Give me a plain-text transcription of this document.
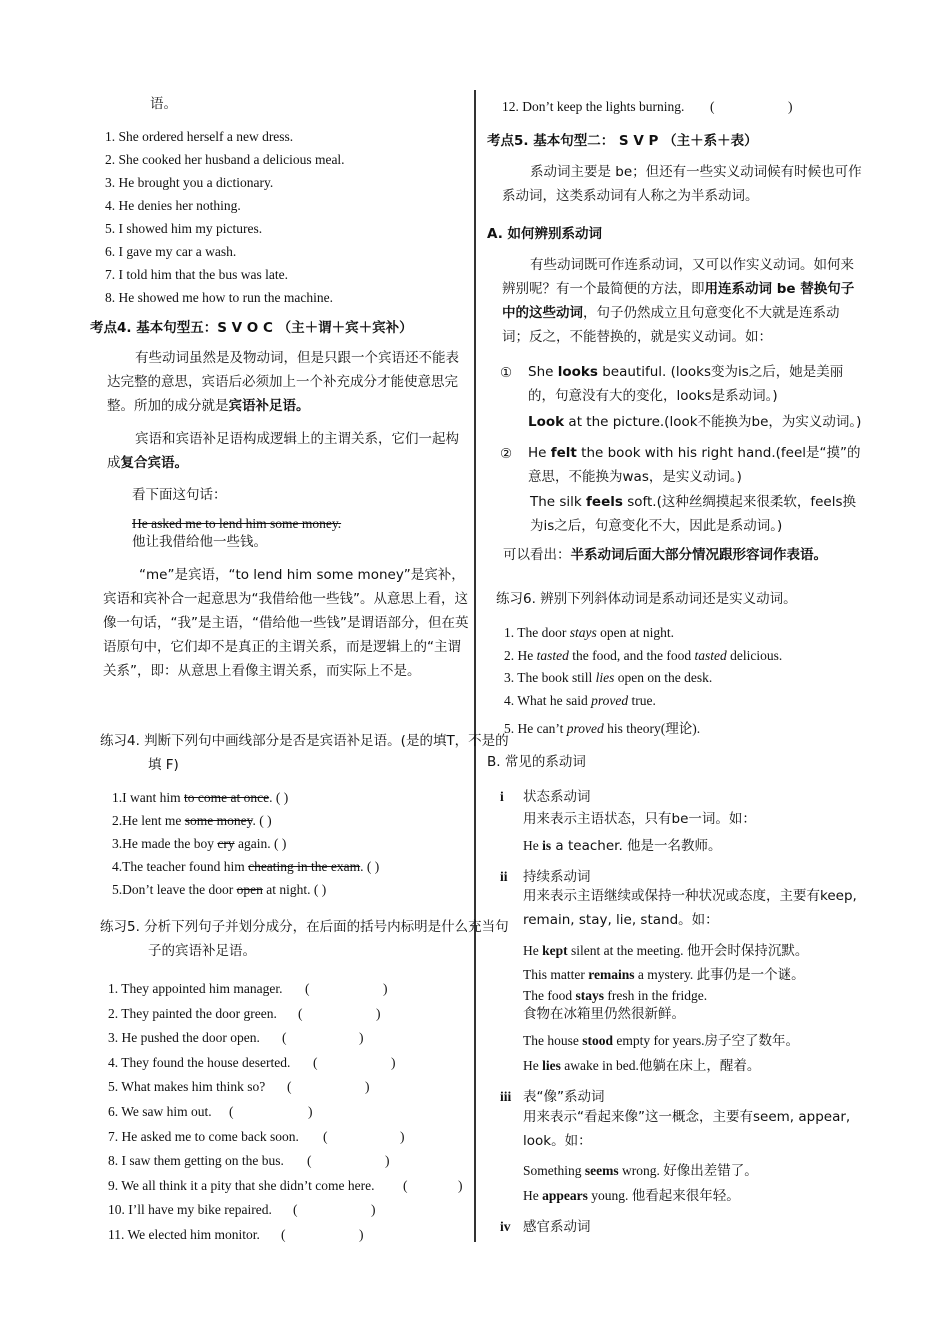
语。
1. She ordered herself a new dress.
2. She cooked her husband a delicious meal.
3. He brought you a dictionary.
4. He denies her nothing.
5. I showed him my pictures.
6. I gave my car a wash.
7. I told him that the bus was late.
8. He showed me how to run the machine.
考点4. 基本句型五：S V O C （主＋谓＋宾＋宾补）
有些动词虽然是及物动词，但是只跟一个宾语还不能表达完整的意思，宾语后必须加上一个补充成分才能使意思完整。所加的成分就是宾语补足语。
宾语和宾语补足语构成逻辑上的主谓关系，它们一起构成复合宾语。
看下面这句话：
He asked me to lend him some money.
他让我借给他一些钱。
“me”是宾语，“to lend him some money”是宾补，宾语和宾补合一起意思为“我借给他一些钱”。从意思上看，这像一句话，“我”是主语，“借给他一些钱”是谓语部分，但在英语原句中，它们却不是真正的主谓关系，而是逻辑上的“主谓关系”，即：从意思上看像主谓关系，而实际上不是。
练习4. 判断下列句中画线部分是否是宾语补足语。(是的填T，不是的填 F)
1.I want him to come at once. ( )
2.He lent me some money. ( )
3.He made the boy cry again. ( )
4.The teacher found him cheating in the exam. ( )
5.Don’t leave the door open at night. ( )
练习5. 分析下列句子并划分成分，在后面的括号内标明是什么充当句子的宾语补足语。
1. They appointed him manager. (	)
2. They painted the door green. (	)
3. He pushed the door open. (	)
4. They found the house deserted. (	)
5. What makes him think so? (	)
6. We saw him out. (	)
7. He asked me to come back soon. (	)
8. I saw them getting on the bus. (	)
9. We all think it a pity that she didn’t come here. (	)
10. I’ll have my bike repaired. (	)
11. We elected him monitor. (	)
12. Don’t keep the lights burning. (	)
考点5. 基本句型二： S V P （主＋系＋表）
系动词主要是 be；但还有一些实义动词候有时候也可作系动词，这类系动词有人称之为半系动词。
A. 如何辨别系动词
有些动词既可作连系动词，又可以作实义动词。如何来辨别呢？有一个最简便的方法，即用连系动词 be 替换句子中的这些动词，句子仍然成立且句意变化不大就是连系动词；反之，不能替换的，就是实义动词。如：
① She looks beautiful. (looks变为is之后，她是美丽的，句意没有大的变化，looks是系动词。)
Look at the picture.(look不能换为be，为实义动词。)
② He felt the book with his right hand.(feel是“摸”的意思，不能换为was，是实义动词。)
The silk feels soft.(这种丝绸摸起来很柔软，feels换为is之后，句意变化不大，因此是系动词。)
可以看出：半系动词后面大部分情况跟形容词作表语。
练习6. 辨别下列斜体动词是系动词还是实义动词。
1. The door stays open at night.
2. He tasted the food, and the food tasted delicious.
3. The book still lies open on the desk.
4. What he said proved true.
5. He can’t proved his theory(理论).
B. 常见的系动词
i 状态系动词
用来表示主语状态，只有be一词。如：
He is a teacher. 他是一名教师。
ii 持续系动词
用来表示主语继续或保持一种状况或态度，主要有keep, remain, stay, lie, stand。如：
He kept silent at the meeting. 他开会时保持沉默。
This matter remains a mystery. 此事仍是一个谜。
The food stays fresh in the fridge.
食物在冰箱里仍然很新鲜。
The house stood empty for years.房子空了数年。
He lies awake in bed.他躺在床上，醒着。
iii 表“像”系动词
用来表示“看起来像”这一概念，主要有seem, appear, look。如：
Something seems wrong. 好像出差错了。
He appears young. 他看起来很年轻。
iv 感官系动词
